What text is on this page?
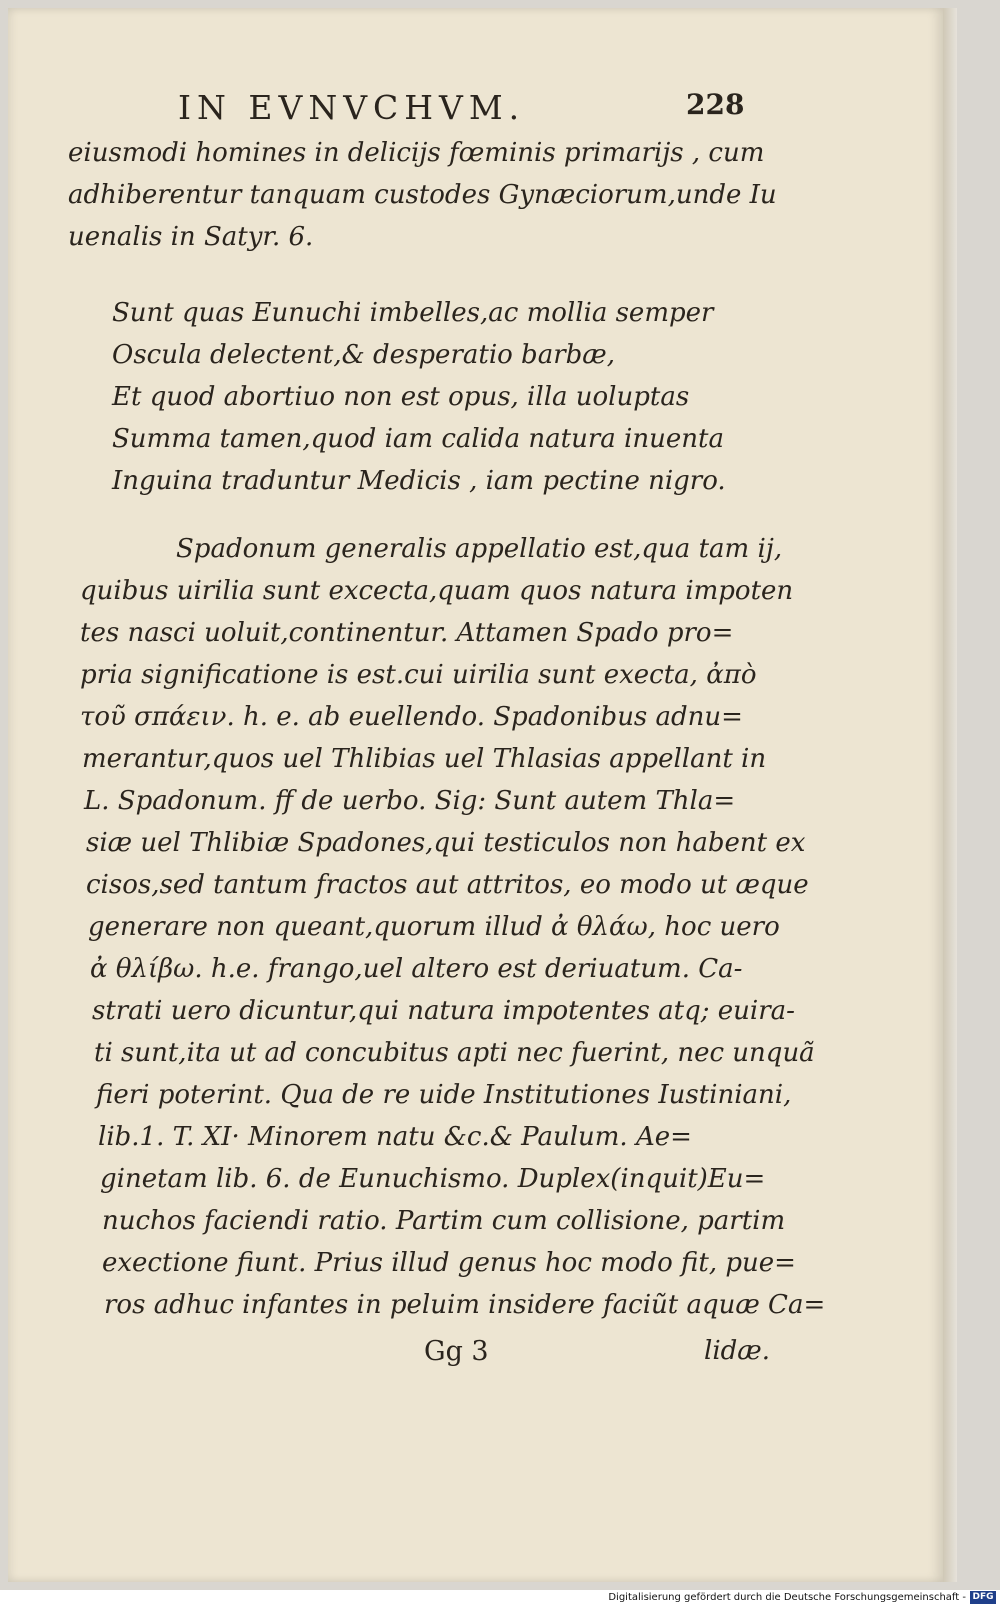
IN EVNVCHVM.	228
eiusmodi homines in delicijs fœminis primarijs , cum
adhiberentur tanquam custodes Gynæciorum,unde Iu
uenalis in Satyr. 6.
Sunt quas Eunuchi imbelles,ac mollia semper
Oscula delectent,& desperatio barbæ,
Et quod abortiuo non est opus, illa uoluptas
Summa tamen,quod iam calida natura inuenta
Inguina traduntur Medicis , iam pectine nigro.
Spadonum generalis appellatio est,qua tam ij,
quibus uirilia sunt excecta,quam quos natura impoten
tes nasci uoluit,continentur. Attamen Spado pro=
pria significatione is est.cui uirilia sunt execta, ἀπὸ
τοῦ σπάειν. h. e. ab euellendo. Spadonibus adnu=
merantur,quos uel Thlibias uel Thlasias appellant in
L. Spadonum. ff de uerbo. Sig: Sunt autem Thla=
siæ uel Thlibiæ Spadones,qui testiculos non habent ex
cisos,sed tantum fractos aut attritos, eo modo ut æque
generare non queant,quorum illud ἀ θλάω, hoc uero
ἀ θλίβω. h.e. frango,uel altero est deriuatum. Ca-
strati uero dicuntur,qui natura impotentes atq; euira-
ti sunt,ita ut ad concubitus apti nec fuerint, nec unquã
fieri poterint. Qua de re uide Institutiones Iustiniani,
lib.1. T. XI· Minorem natu &c.& Paulum. Ae=
ginetam lib. 6. de Eunuchismo. Duplex(inquit)Eu=
nuchos faciendi ratio. Partim cum collisione, partim
exectione fiunt. Prius illud genus hoc modo fit, pue=
ros adhuc infantes in peluim insidere faciũt aquæ Ca=
Gg 3	lidæ.
Digitalisierung gefördert durch die Deutsche Forschungsgemeinschaft - DFG
